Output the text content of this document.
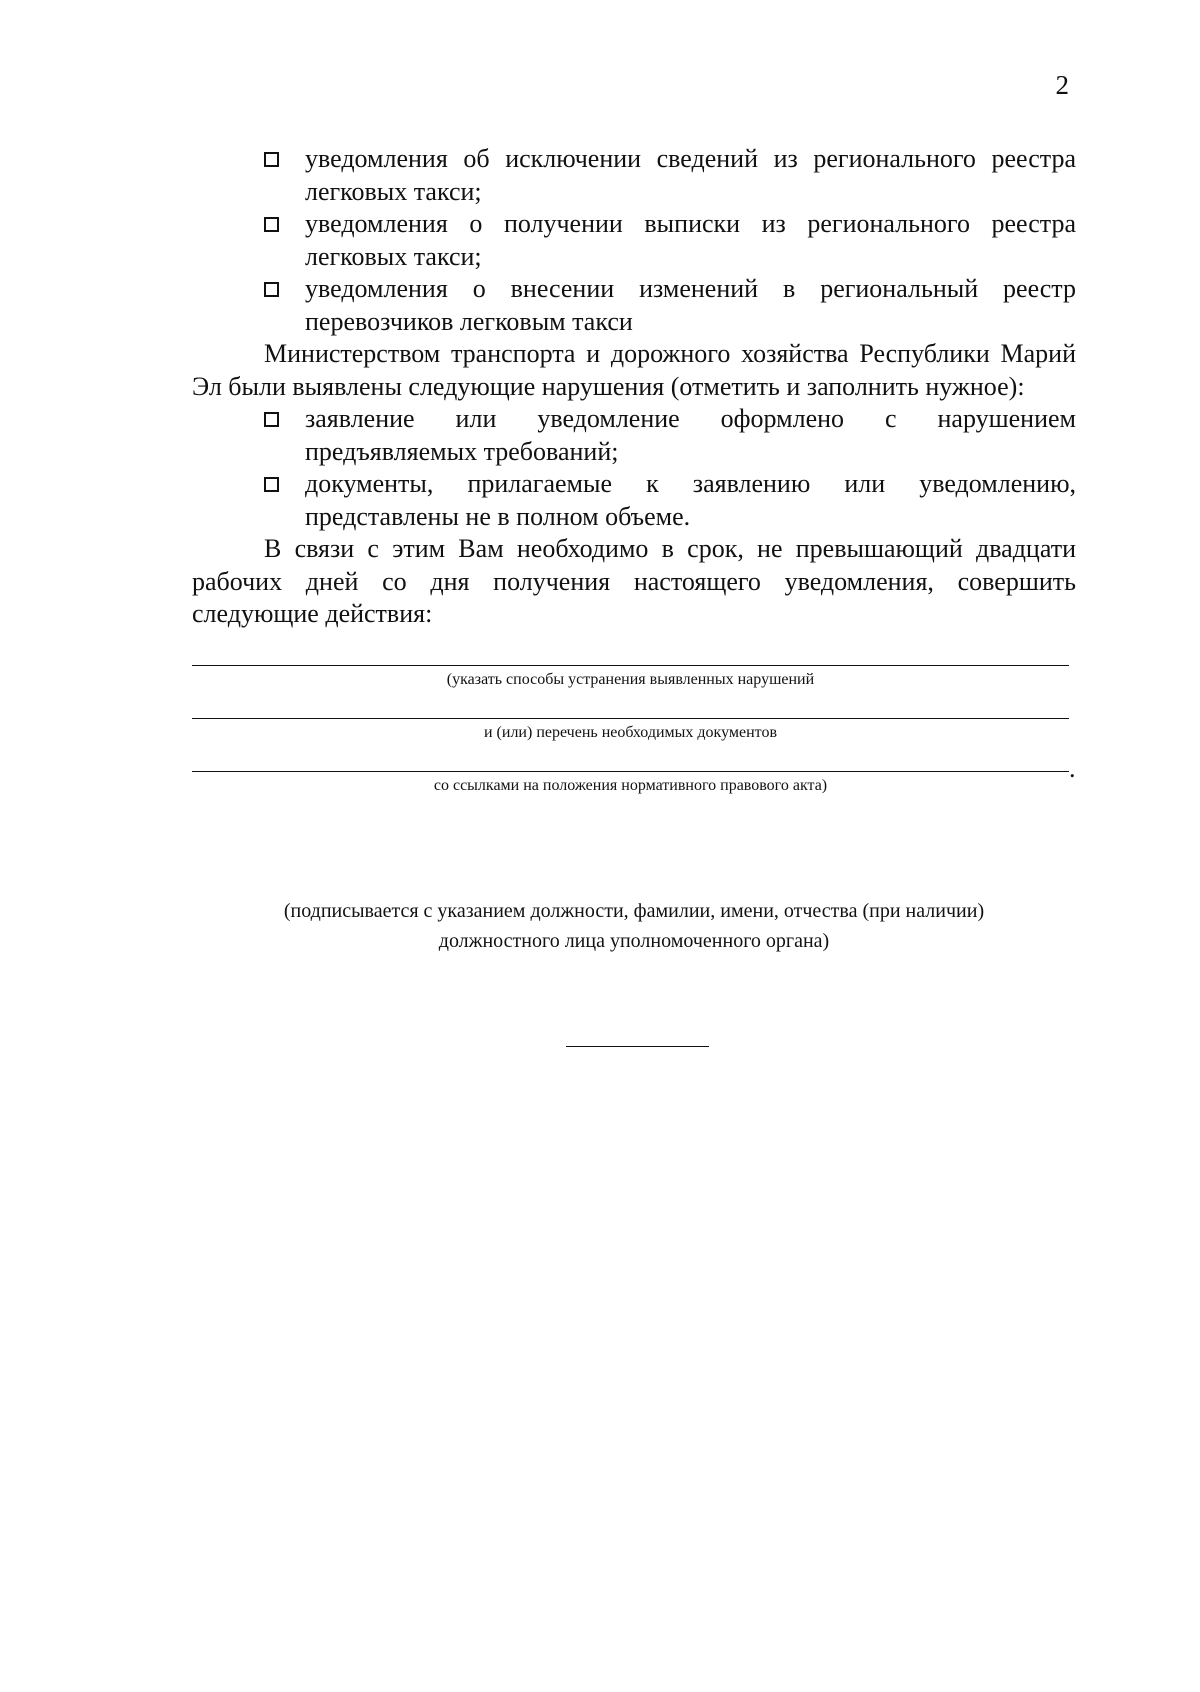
2
уведомления об исключении сведений из регионального реестра легковых такси;
уведомления о получении выписки из регионального реестра легковых такси;
уведомления о внесении изменений в региональный реестр перевозчиков легковым такси
Министерством транспорта и дорожного хозяйства Республики Марий Эл были выявлены следующие нарушения (отметить и заполнить нужное):
заявление или уведомление оформлено с нарушением предъявляемых требований;
документы, прилагаемые к заявлению или уведомлению, представлены не в полном объеме.
В связи с этим Вам необходимо в срок, не превышающий двадцати рабочих дней со дня получения настоящего уведомления, совершить следующие действия:
(указать способы устранения выявленных нарушений
и (или) перечень необходимых документов
.
со ссылками на положения нормативного правового акта)
(подписывается с указанием должности, фамилии, имени, отчества (при наличии)
должностного лица уполномоченного органа)
